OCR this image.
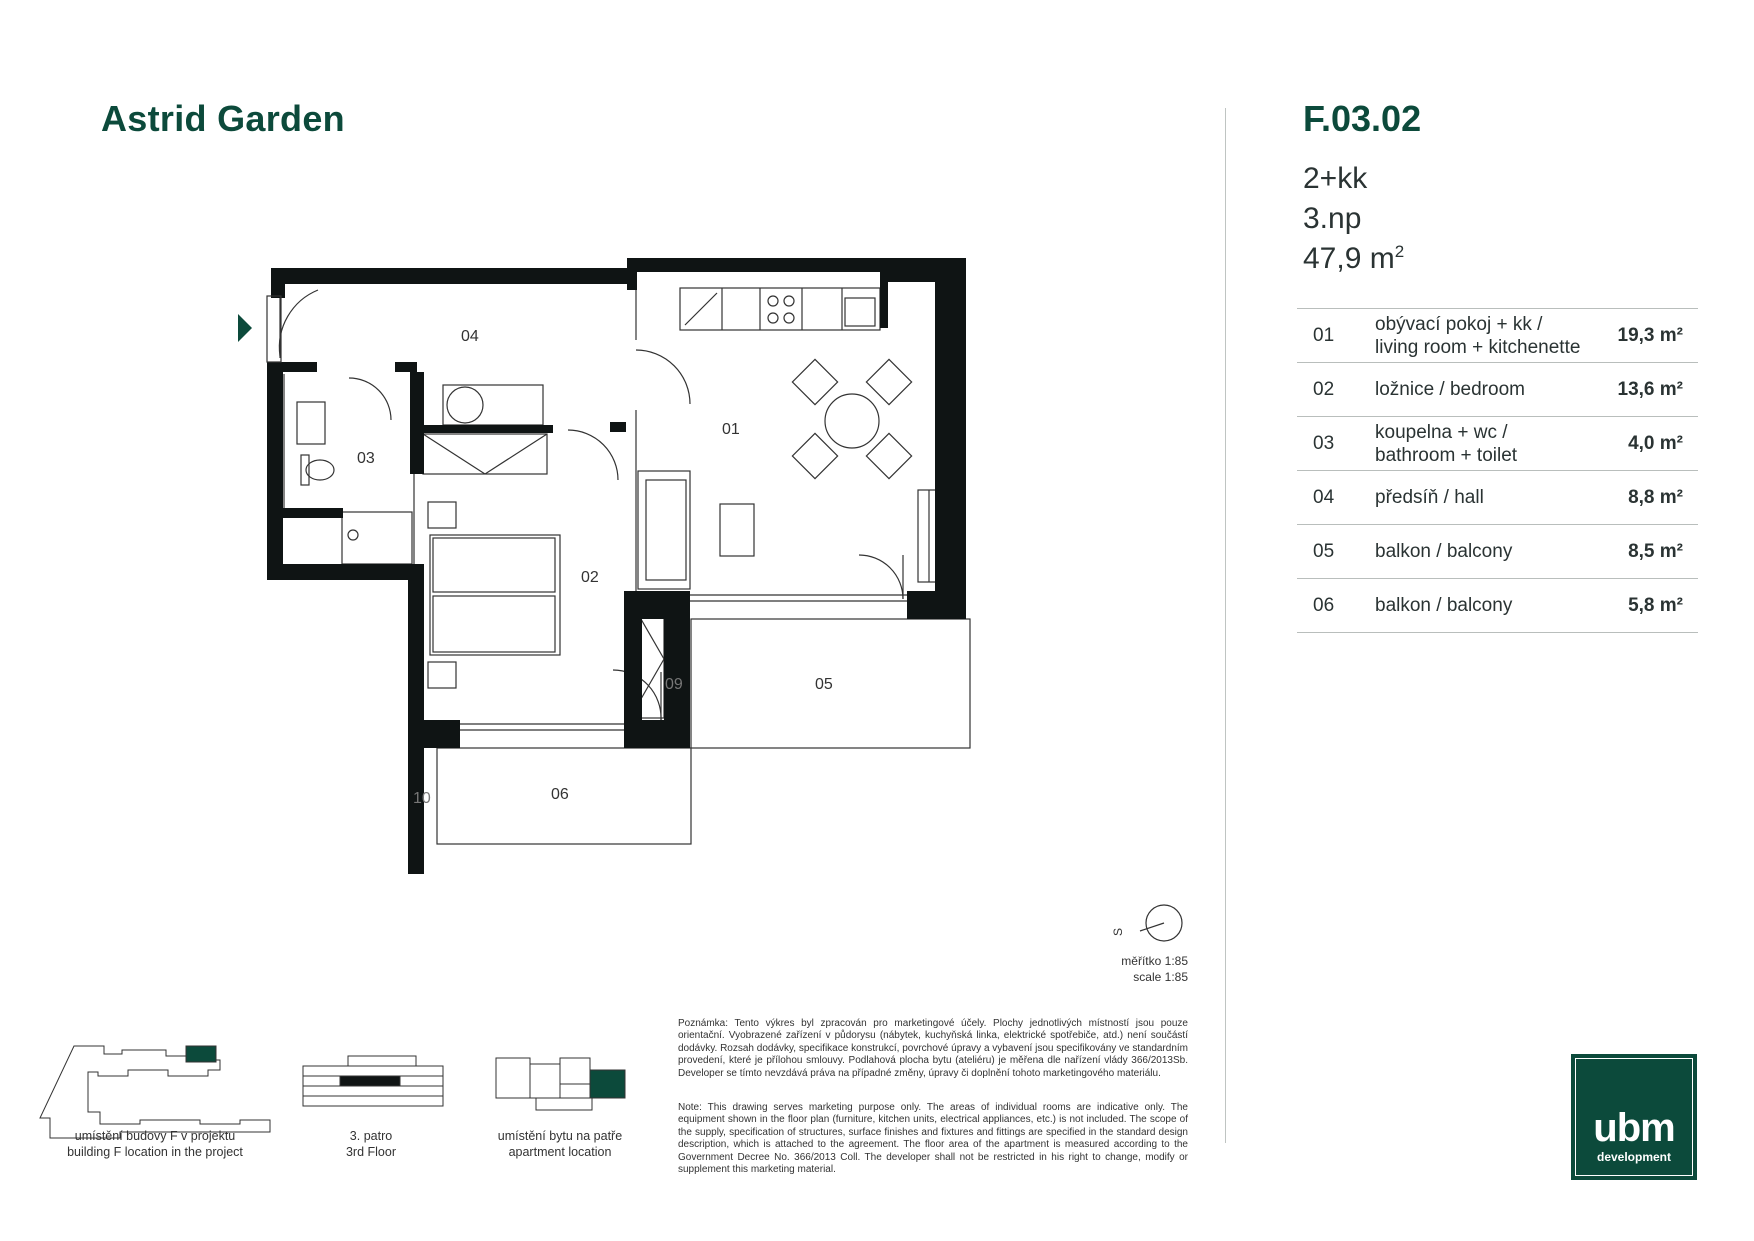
Astrid Garden	F.03.02
2+kk
3.np
47,9 $m^2$
01	obývací pokoj + kk /
living room + kitchenette	19,3 m²
02	ložnice / bedroom	13,6 m²
03	koupelna + wc /
bathroom + toilet	4,0 m²
04	předsíň / hall	8,8 m²
05	balkon / balcony	8,5 m²
06	balkon / balcony	5,8 m²
04
01
03
02
05
06
09
10
S
měřítko 1:85
scale 1:85
Poznámka: Tento výkres byl zpracován pro marketingové účely. Plochy jednotlivých místností jsou pouze orientační. Vyobrazené zařízení v půdorysu (nábytek, kuchyňská linka, elektrické spotřebiče, atd.) není součástí dodávky. Rozsah dodávky, specifikace konstrukcí, povrchové úpravy a vybavení jsou specifikovány ve standardním provedení, které je přílohou smlouvy. Podlahová plocha bytu (ateliéru) je měřena dle nařízení vlády 366/2013Sb. Developer se tímto nevzdává práva na případné změny, úpravy či doplnění tohoto marketingového materiálu.
Note: This drawing serves marketing purpose only. The areas of individual rooms are indicative only. The equipment shown in the floor plan (furniture, kitchen units, electrical appliances, etc.) is not included. The scope of the supply, specification of structures, surface finishes and fixtures and fittings are specified in the standard design description, which is attached to the agreement. The floor area of the apartment is measured according to the Government Decree No. 366/2013 Coll. The developer shall not be restricted in his right to change, modify or supplement this marketing material.
umístění budovy F v projektu
building F location in the project
3. patro
3rd Floor
umístění bytu na patře
apartment location
ubm
development
